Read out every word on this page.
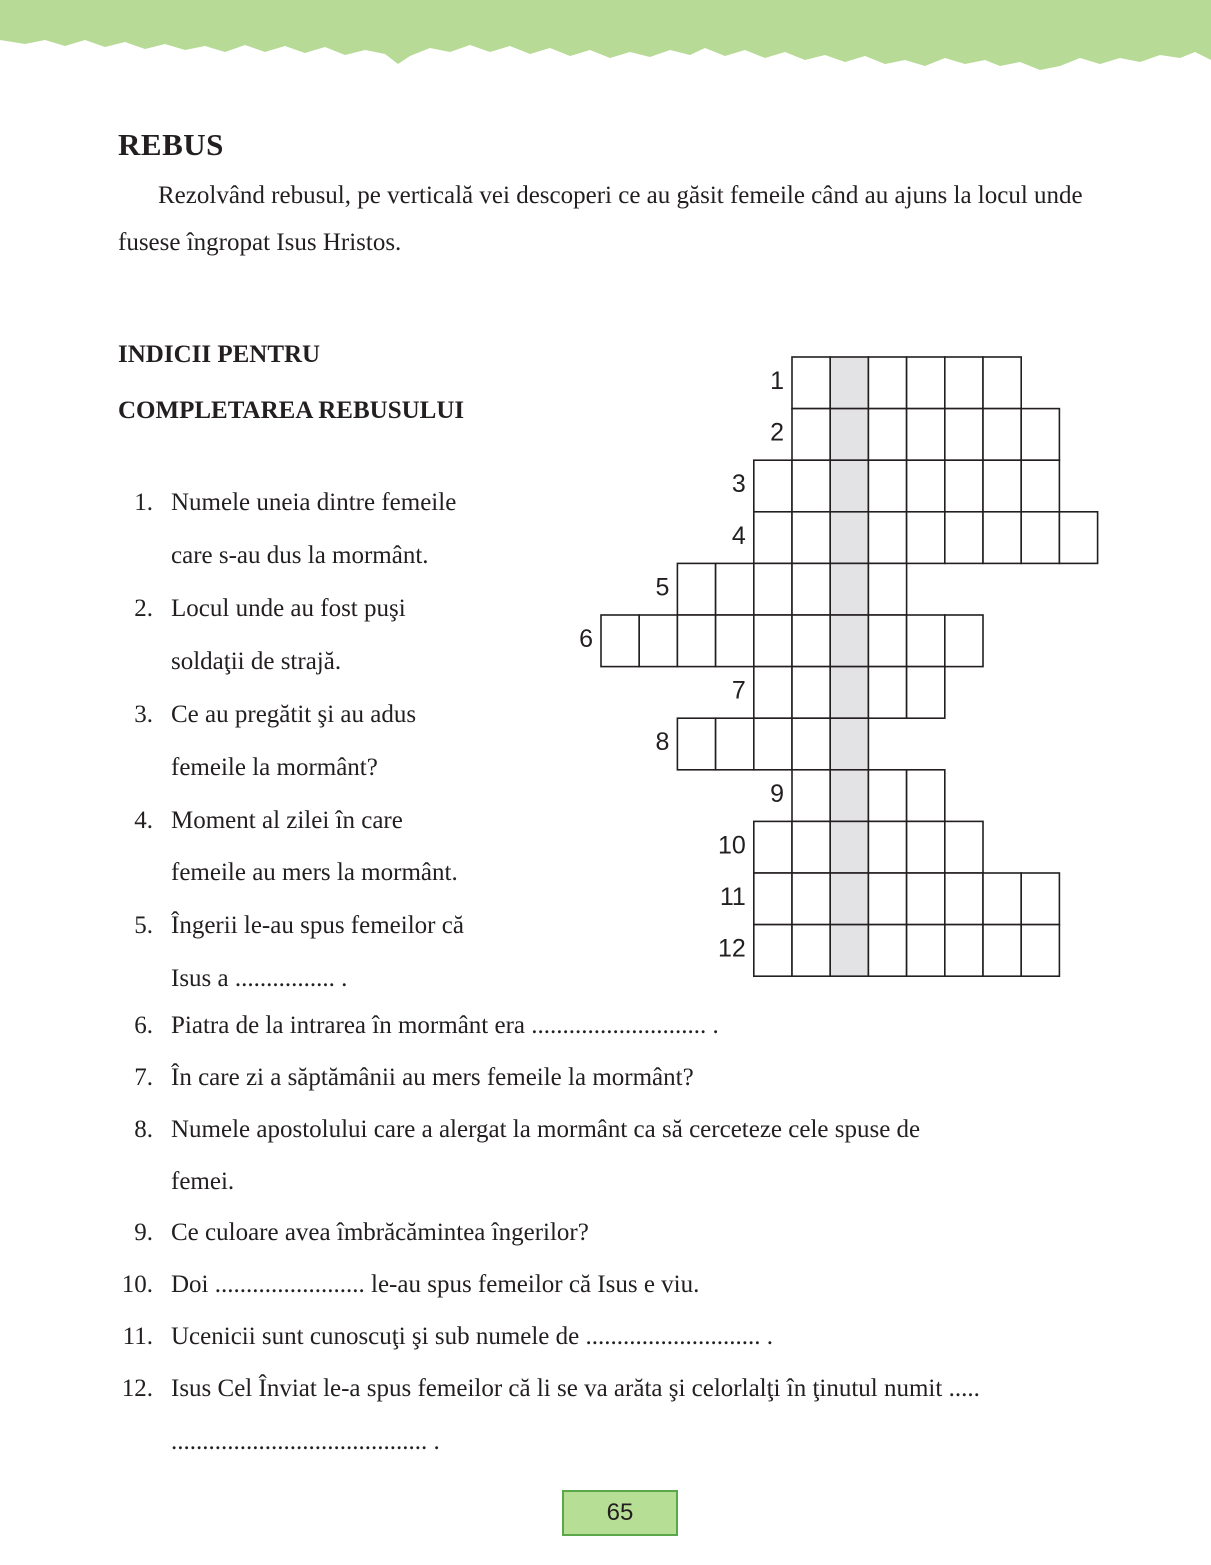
REBUS

Rezolvând rebusul, pe verticală vei descoperi ce au găsit femeile când au ajuns la locul unde fusese îngropat Isus Hristos.

INDICII PENTRU
COMPLETAREA REBUSULUI
1. Numele uneia dintre femeile
care s-au dus la mormânt.
2. Locul unde au fost puşi
soldaţii de strajă.
3. Ce au pregătit şi au adus
femeile la mormânt?
4. Moment al zilei în care
femeile au mers la mormânt.
5. Îngerii le-au spus femeilor că
Isus a ................ .
6. Piatra de la intrarea în mormânt era ............................ .
7. În care zi a săptămânii au mers femeile la mormânt?
8. Numele apostolului care a alergat la mormânt ca să cerceteze cele spuse de
femei.
9. Ce culoare avea îmbrăcămintea îngerilor?
10. Doi ........................ le-au spus femeilor că Isus e viu.
11. Ucenicii sunt cunoscuţi şi sub numele de ............................ .
12. Isus Cel Înviat le-a spus femeilor că li se va arăta şi celorlalţi în ţinutul numit .....
......................................... .
1
2
3
4
5
6
7
8
9
10
11
12
65
